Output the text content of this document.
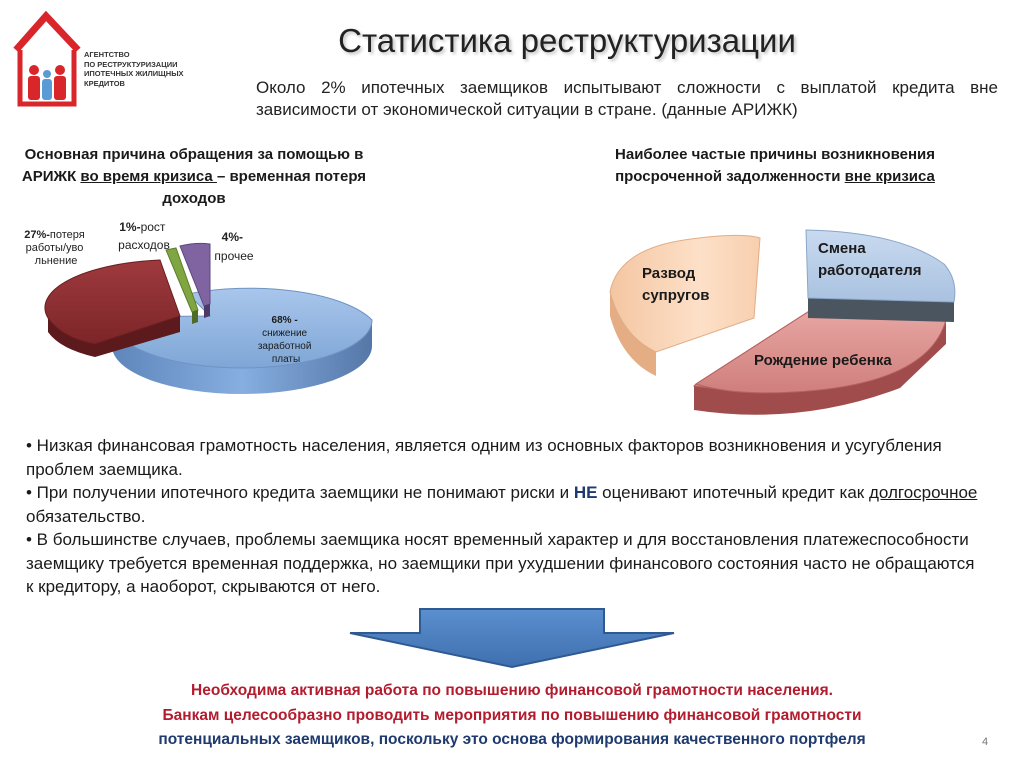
АГЕНТСТВО
ПО РЕСТРУКТУРИЗАЦИИ
ИПОТЕЧНЫХ ЖИЛИЩНЫХ
КРЕДИТОВ
Статистика реструктуризации
Около 2% ипотечных заемщиков испытывают сложности с выплатой кредита вне зависимости от экономической ситуации в стране. (данные АРИЖК)
Основная причина обращения за помощью в АРИЖК во время кризиса – временная потеря доходов
Наиболее частые причины возникновения просроченной задолженности вне кризиса
27%-потеря работы/уво льнение
1%-рост расходов
4%- прочее
68% - снижение заработной платы
Развод супругов
Смена работодателя
Рождение ребенка

• Низкая финансовая грамотность населения, является одним из основных факторов возникновения и усугубления проблем заемщика.

• При получении ипотечного кредита заемщики не понимают риски и НЕ оценивают ипотечный кредит как долгосрочное обязательство.

• В большинстве случаев, проблемы заемщика носят временный характер и для восстановления платежеспособности заемщику требуется временная поддержка, но заемщики при ухудшении финансового состояния часто не обращаются к кредитору, а наоборот, скрываются от него.

Необходима активная работа по повышению финансовой грамотности населения.
Банкам целесообразно проводить мероприятия по повышению финансовой грамотности
потенциальных заемщиков, поскольку это основа формирования качественного портфеля	4
